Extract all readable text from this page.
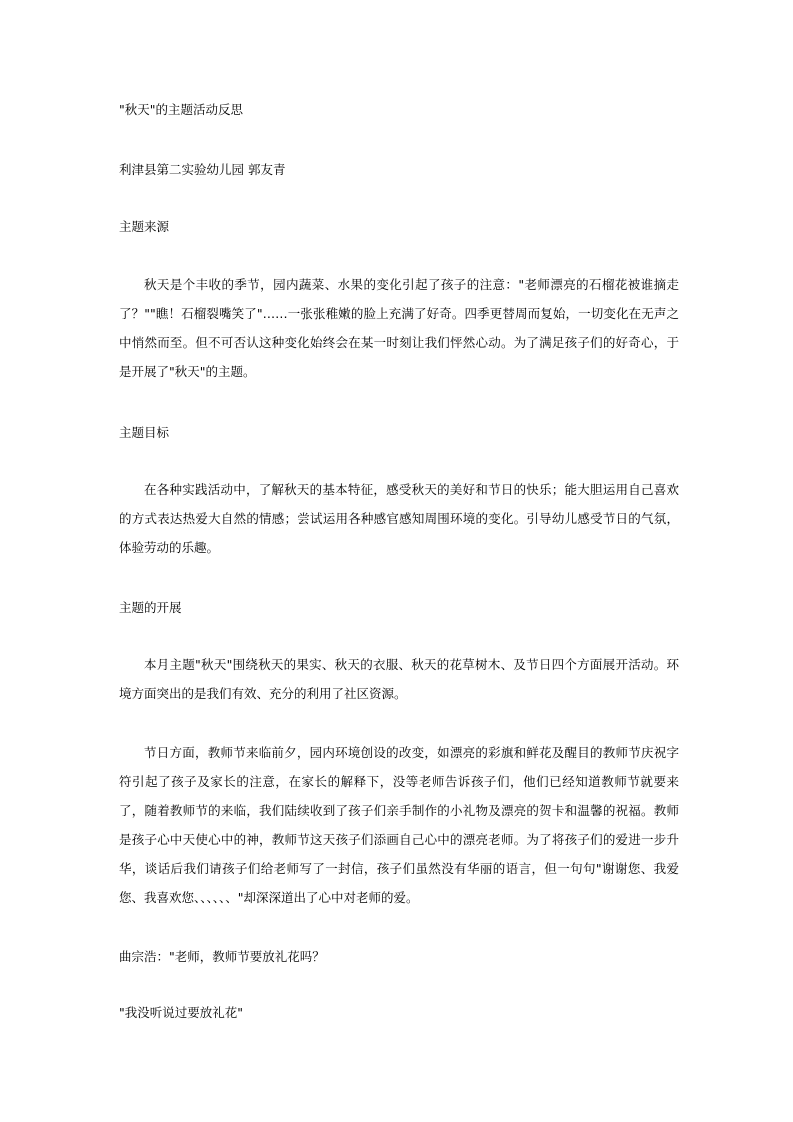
"秋天"的主题活动反思

利津县第二实验幼儿园 郭友青

主题来源

秋天是个丰收的季节，园内蔬菜、水果的变化引起了孩子的注意："老师漂亮的石榴花被谁摘走了？""瞧！石榴裂嘴笑了"……一张张稚嫩的脸上充满了好奇。四季更替周而复始，一切变化在无声之中悄然而至。但不可否认这种变化始终会在某一时刻让我们怦然心动。为了满足孩子们的好奇心，于是开展了"秋天"的主题。

主题目标

在各种实践活动中，了解秋天的基本特征，感受秋天的美好和节日的快乐；能大胆运用自己喜欢的方式表达热爱大自然的情感；尝试运用各种感官感知周围环境的变化。引导幼儿感受节日的气氛，体验劳动的乐趣。

主题的开展

本月主题"秋天"围绕秋天的果实、秋天的衣服、秋天的花草树木、及节日四个方面展开活动。环境方面突出的是我们有效、充分的利用了社区资源。

节日方面，教师节来临前夕，园内环境创设的改变，如漂亮的彩旗和鲜花及醒目的教师节庆祝字符引起了孩子及家长的注意，在家长的解释下，没等老师告诉孩子们，他们已经知道教师节就要来了，随着教师节的来临，我们陆续收到了孩子们亲手制作的小礼物及漂亮的贺卡和温馨的祝福。教师是孩子心中天使心中的神，教师节这天孩子们添画自己心中的漂亮老师。为了将孩子们的爱进一步升华，谈话后我们请孩子们给老师写了一封信，孩子们虽然没有华丽的语言，但一句句"谢谢您、我爱您、我喜欢您、、、、、、"却深深道出了心中对老师的爱。

曲宗浩："老师，教师节要放礼花吗？

"我没听说过要放礼花"
